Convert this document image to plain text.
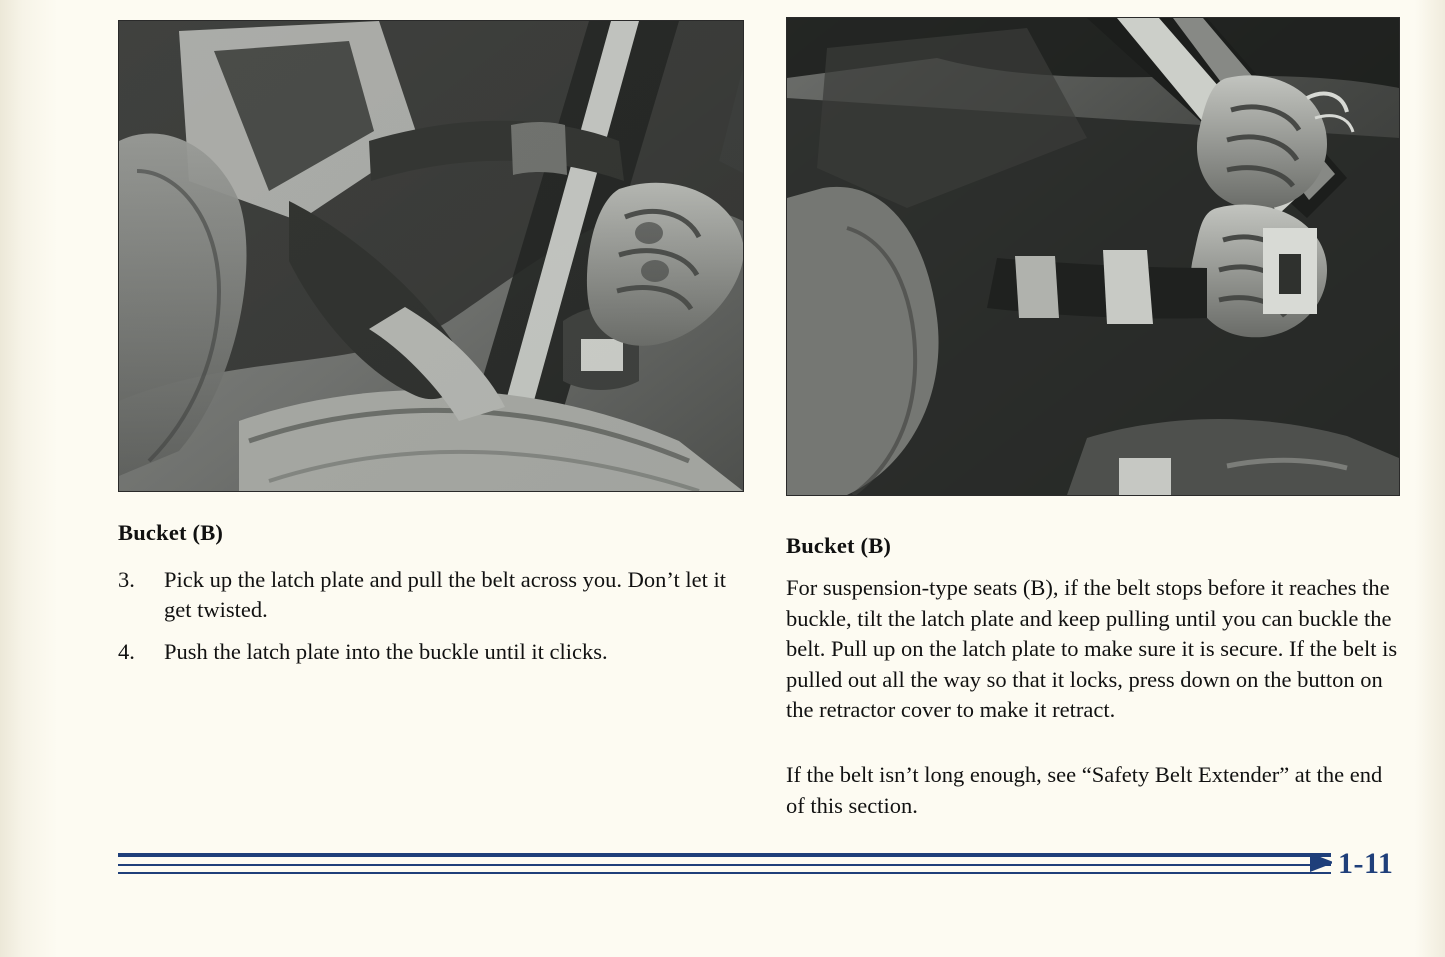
Bucket (B)
3.	Pick up the latch plate and pull the belt across you. Don’t let it get twisted.
4.	Push the latch plate into the buckle until it clicks.
Bucket (B)

For suspension-type seats (B), if the belt stops before it reaches the buckle, tilt the latch plate and keep pulling until you can buckle the belt. Pull up on the latch plate to make sure it is secure. If the belt is pulled out all the way so that it locks, press down on the button on the retractor cover to make it retract.

If the belt isn’t long enough, see “Safety Belt Extender” at the end of this section.

1-11
